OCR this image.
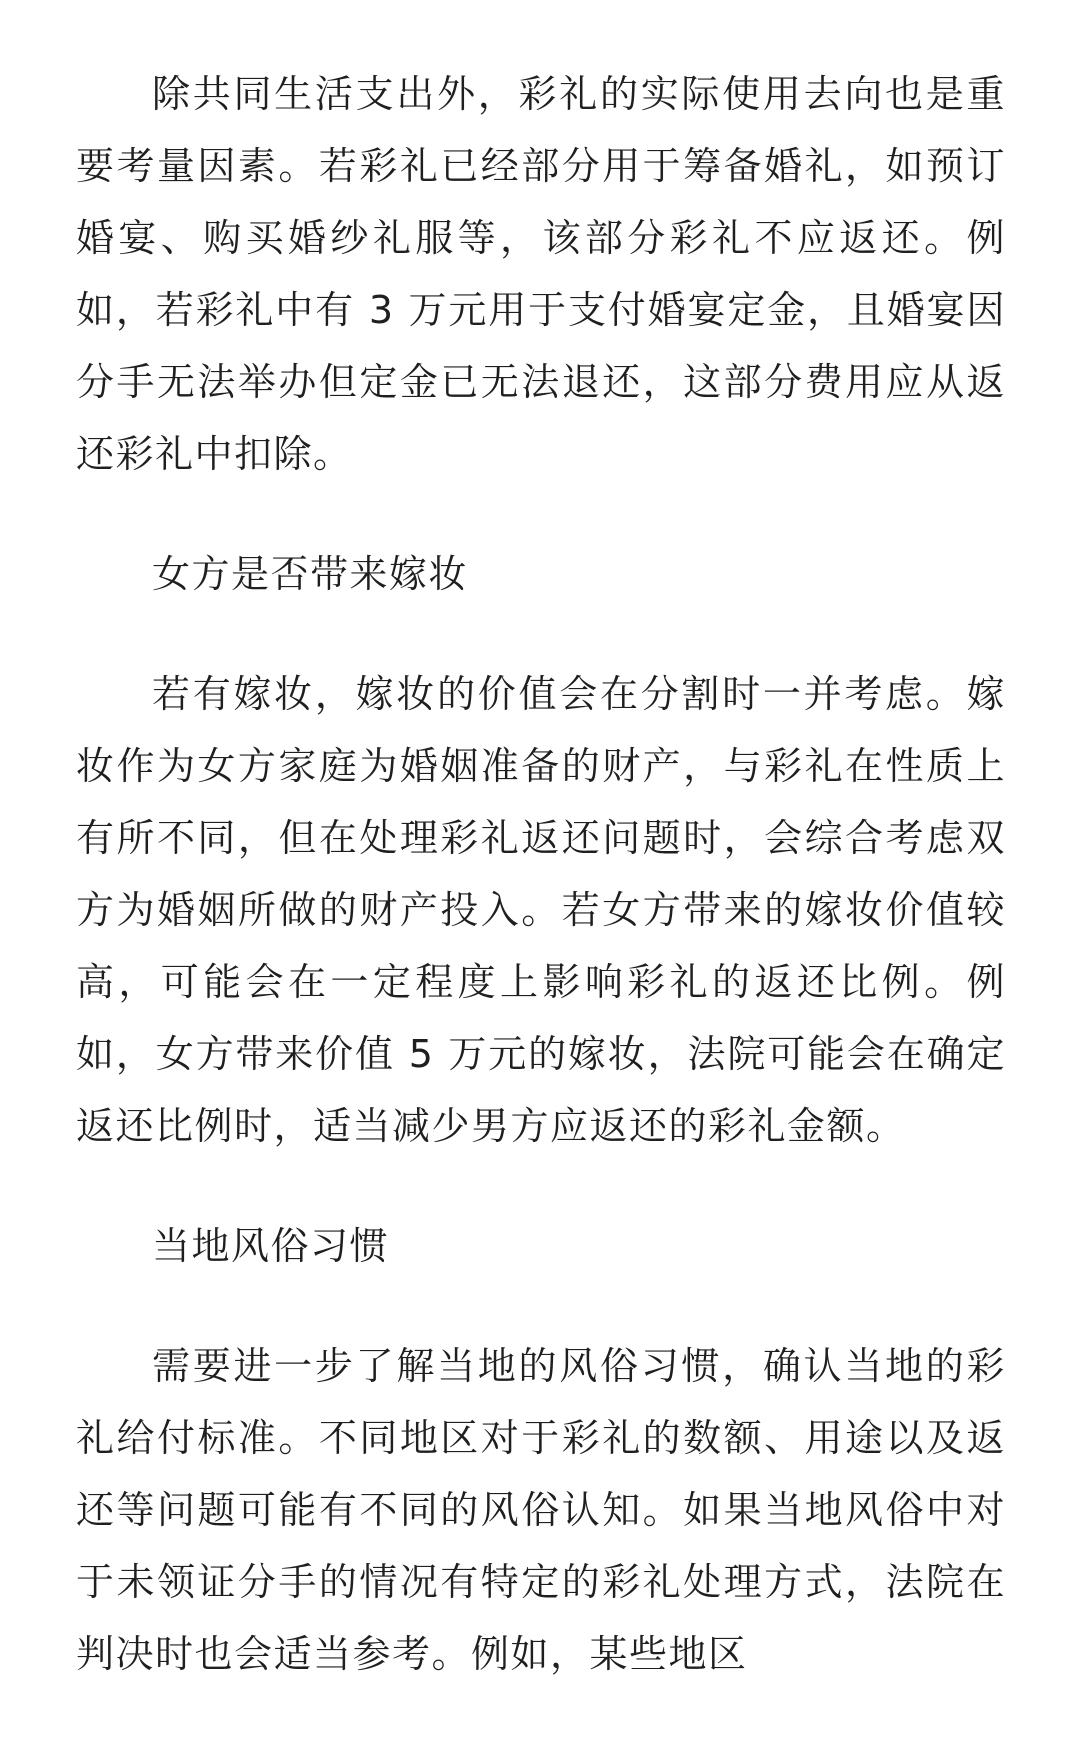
除共同生活支出外，彩礼的实际使用去向也是重要考量因素。若彩礼已经部分用于筹备婚礼，如预订婚宴、购买婚纱礼服等，该部分彩礼不应返还。例如，若彩礼中有 3 万元用于支付婚宴定金，且婚宴因分手无法举办但定金已无法退还，这部分费用应从返还彩礼中扣除。

女方是否带来嫁妆

若有嫁妆，嫁妆的价值会在分割时一并考虑。嫁妆作为女方家庭为婚姻准备的财产，与彩礼在性质上有所不同，但在处理彩礼返还问题时，会综合考虑双方为婚姻所做的财产投入。若女方带来的嫁妆价值较高，可能会在一定程度上影响彩礼的返还比例。例如，女方带来价值 5 万元的嫁妆，法院可能会在确定返还比例时，适当减少男方应返还的彩礼金额。

当地风俗习惯

需要进一步了解当地的风俗习惯，确认当地的彩礼给付标准。不同地区对于彩礼的数额、用途以及返还等问题可能有不同的风俗认知。如果当地风俗中对于未领证分手的情况有特定的彩礼处理方式，法院在判决时也会适当参考。例如，某些地区
